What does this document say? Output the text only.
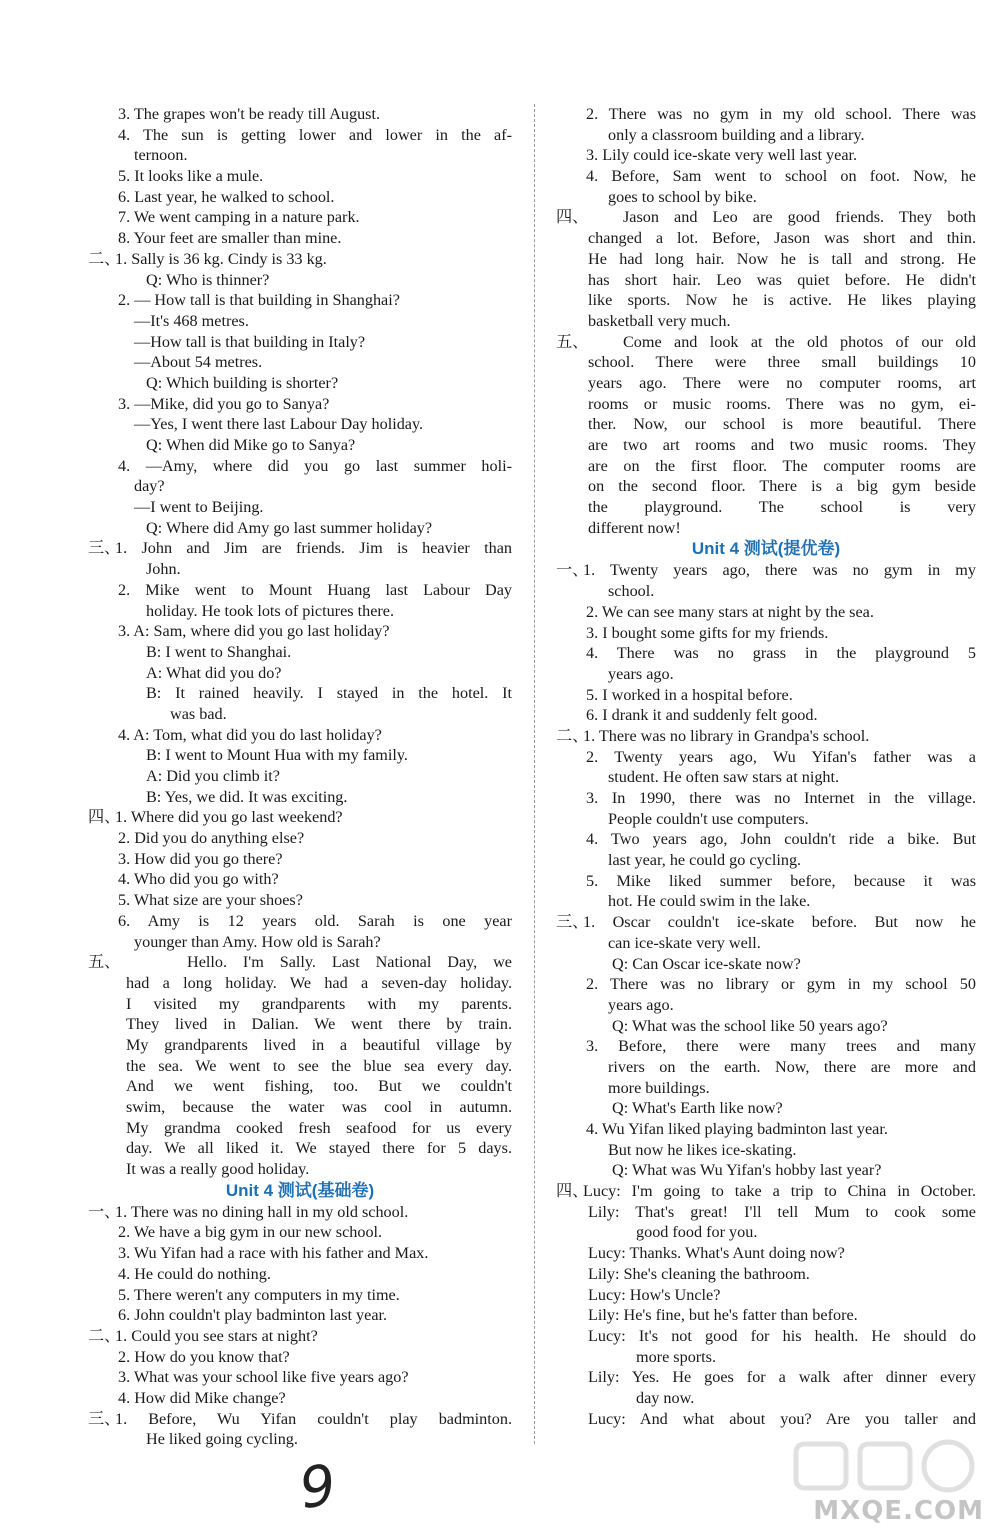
3. The grapes won't be ready till August.
4. The sun is getting lower and lower in the af-
ternoon.
5. It looks like a mule.
6. Last year, he walked to school.
7. We went camping in a nature park.
8. Your feet are smaller than mine.
二、1. Sally is 36 kg. Cindy is 33 kg.
Q: Who is thinner?
2. — How tall is that building in Shanghai?
—It's 468 metres.
—How tall is that building in Italy?
—About 54 metres.
Q: Which building is shorter?
3. —Mike, did you go to Sanya?
—Yes, I went there last Labour Day holiday.
Q: When did Mike go to Sanya?
4. —Amy, where did you go last summer holi-
day?
—I went to Beijing.
Q: Where did Amy go last summer holiday?
三、1. John and Jim are friends. Jim is heavier than
John.
2. Mike went to Mount Huang last Labour Day
holiday. He took lots of pictures there.
3. A: Sam, where did you go last holiday?
B: I went to Shanghai.
A: What did you do?
B: It rained heavily. I stayed in the hotel. It
was bad.
4. A: Tom, what did you do last holiday?
B: I went to Mount Hua with my family.
A: Did you climb it?
B: Yes, we did. It was exciting.
四、1. Where did you go last weekend?
2. Did you do anything else?
3. How did you go there?
4. Who did you go with?
5. What size are your shoes?
6. Amy is 12 years old. Sarah is one year
younger than Amy. How old is Sarah?
五、	Hello. I'm Sally. Last National Day, we
had a long holiday. We had a seven-day holiday.
I visited my grandparents with my parents.
They lived in Dalian. We went there by train.
My grandparents lived in a beautiful village by
the sea. We went to see the blue sea every day.
And we went fishing, too. But we couldn't
swim, because the water was cool in autumn.
My grandma cooked fresh seafood for us every
day. We all liked it. We stayed there for 5 days.
It was a really good holiday.
Unit 4 测试(基础卷)
一、1. There was no dining hall in my old school.
2. We have a big gym in our new school.
3. Wu Yifan had a race with his father and Max.
4. He could do nothing.
5. There weren't any computers in my time.
6. John couldn't play badminton last year.
二、1. Could you see stars at night?
2. How do you know that?
3. What was your school like five years ago?
4. How did Mike change?
三、1. Before, Wu Yifan couldn't play badminton.
He liked going cycling.
2. There was no gym in my old school. There was
only a classroom building and a library.
3. Lily could ice-skate very well last year.
4. Before, Sam went to school on foot. Now, he
goes to school by bike.
四、 Jason and Leo are good friends. They both
changed a lot. Before, Jason was short and thin.
He had long hair. Now he is tall and strong. He
has short hair. Leo was quiet before. He didn't
like sports. Now he is active. He likes playing
basketball very much.
五、 Come and look at the old photos of our old
school. There were three small buildings 10
years ago. There were no computer rooms, art
rooms or music rooms. There was no gym, ei-
ther. Now, our school is more beautiful. There
are two art rooms and two music rooms. They
are on the first floor. The computer rooms are
on the second floor. There is a big gym beside
the playground. The school is very
different now!
Unit 4 测试(提优卷)
一、1. Twenty years ago, there was no gym in my
school.
2. We can see many stars at night by the sea.
3. I bought some gifts for my friends.
4. There was no grass in the playground 5
years ago.
5. I worked in a hospital before.
6. I drank it and suddenly felt good.
二、1. There was no library in Grandpa's school.
2. Twenty years ago, Wu Yifan's father was a
student. He often saw stars at night.
3. In 1990, there was no Internet in the village.
People couldn't use computers.
4. Two years ago, John couldn't ride a bike. But
last year, he could go cycling.
5. Mike liked summer before, because it was
hot. He could swim in the lake.
三、1. Oscar couldn't ice-skate before. But now he
can ice-skate very well.
Q: Can Oscar ice-skate now?
2. There was no library or gym in my school 50
years ago.
Q: What was the school like 50 years ago?
3. Before, there were many trees and many
rivers on the earth. Now, there are more and
more buildings.
Q: What's Earth like now?
4. Wu Yifan liked playing badminton last year.
But now he likes ice-skating.
Q: What was Wu Yifan's hobby last year?
四、Lucy: I'm going to take a trip to China in October.
Lily: That's great! I'll tell Mum to cook some
good food for you.
Lucy: Thanks. What's Aunt doing now?
Lily: She's cleaning the bathroom.
Lucy: How's Uncle?
Lily: He's fine, but he's fatter than before.
Lucy: It's not good for his health. He should do
more sports.
Lily: Yes. He goes for a walk after dinner every
day now.
Lucy: And what about you? Are you taller and
9	MXQE.COM
